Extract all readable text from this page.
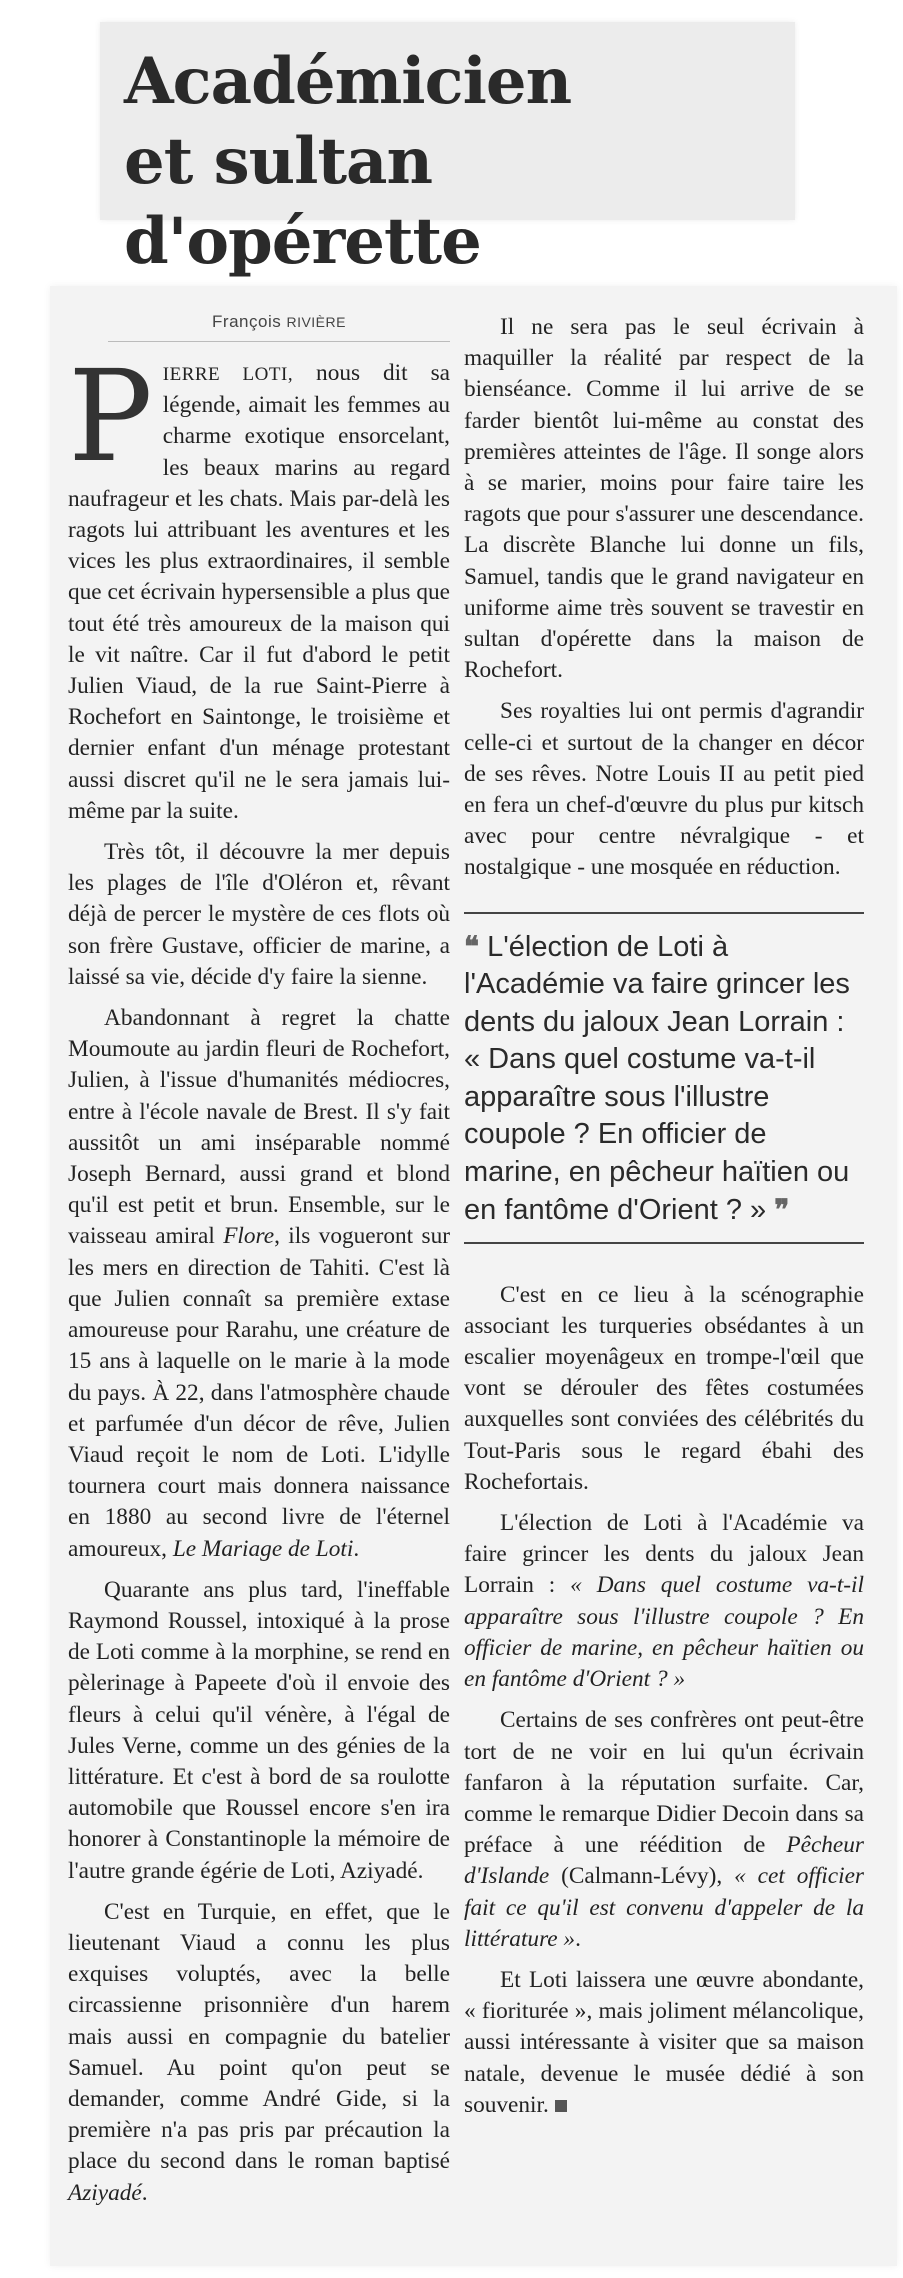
Académicien
et sultan d'opérette
François RIVIÈRE

PIERRE LOTI, nous dit sa légende, aimait les femmes au charme exotique ensorcelant, les beaux marins au regard naufrageur et les chats. Mais par-delà les ragots lui attribuant les aventures et les vices les plus extraordinaires, il semble que cet écrivain hypersensible a plus que tout été très amoureux de la maison qui le vit naître. Car il fut d'abord le petit Julien Viaud, de la rue Saint-Pierre à Rochefort en Saintonge, le troisième et dernier enfant d'un ménage protestant aussi discret qu'il ne le sera jamais lui-même par la suite.

Très tôt, il découvre la mer depuis les plages de l'île d'Oléron et, rêvant déjà de percer le mystère de ces flots où son frère Gustave, officier de marine, a laissé sa vie, décide d'y faire la sienne.

Abandonnant à regret la chatte Moumoute au jardin fleuri de Rochefort, Julien, à l'issue d'humanités médiocres, entre à l'école navale de Brest. Il s'y fait aussitôt un ami inséparable nommé Joseph Bernard, aussi grand et blond qu'il est petit et brun. Ensemble, sur le vaisseau amiral Flore, ils vogueront sur les mers en direction de Tahiti. C'est là que Julien connaît sa première extase amoureuse pour Rarahu, une créature de 15 ans à laquelle on le marie à la mode du pays. À 22, dans l'atmosphère chaude et parfumée d'un décor de rêve, Julien Viaud reçoit le nom de Loti. L'idylle tournera court mais donnera naissance en 1880 au second livre de l'éternel amoureux, Le Mariage de Loti.

Quarante ans plus tard, l'ineffable Raymond Roussel, intoxiqué à la prose de Loti comme à la morphine, se rend en pèlerinage à Papeete d'où il envoie des fleurs à celui qu'il vénère, à l'égal de Jules Verne, comme un des génies de la littérature. Et c'est à bord de sa roulotte automobile que Roussel encore s'en ira honorer à Constantinople la mémoire de l'autre grande égérie de Loti, Aziyadé.

C'est en Turquie, en effet, que le lieutenant Viaud a connu les plus exquises voluptés, avec la belle circassienne prisonnière d'un harem mais aussi en compagnie du batelier Samuel. Au point qu'on peut se demander, comme André Gide, si la première n'a pas pris par précaution la place du second dans le roman baptisé Aziyadé.

Il ne sera pas le seul écrivain à maquiller la réalité par respect de la bienséance. Comme il lui arrive de se farder bientôt lui-même au constat des premières atteintes de l'âge. Il songe alors à se marier, moins pour faire taire les ragots que pour s'assurer une descendance. La discrète Blanche lui donne un fils, Samuel, tandis que le grand navigateur en uniforme aime très souvent se travestir en sultan d'opérette dans la maison de Rochefort.

Ses royalties lui ont permis d'agrandir celle-ci et surtout de la changer en décor de ses rêves. Notre Louis II au petit pied en fera un chef-d'œuvre du plus pur kitsch avec pour centre névralgique - et nostalgique - une mosquée en réduction.

❝ L'élection de Loti à l'Académie va faire grincer les dents du jaloux Jean Lorrain : « Dans quel costume va-t-il apparaître sous l'illustre coupole ? En officier de marine, en pêcheur haïtien ou en fantôme d'Orient ? » ❞

C'est en ce lieu à la scénographie associant les turqueries obsédantes à un escalier moyenâgeux en trompe-l'œil que vont se dérouler des fêtes costumées auxquelles sont conviées des célébrités du Tout-Paris sous le regard ébahi des Rochefortais.

L'élection de Loti à l'Académie va faire grincer les dents du jaloux Jean Lorrain : « Dans quel costume va-t-il apparaître sous l'illustre coupole ? En officier de marine, en pêcheur haïtien ou en fantôme d'Orient ? »

Certains de ses confrères ont peut-être tort de ne voir en lui qu'un écrivain fanfaron à la réputation surfaite. Car, comme le remarque Didier Decoin dans sa préface à une réédition de Pêcheur d'Islande (Calmann-Lévy), « cet officier fait ce qu'il est convenu d'appeler de la littérature ».

Et Loti laissera une œuvre abondante, « fioriturée », mais joliment mélancolique, aussi intéressante à visiter que sa maison natale, devenue le musée dédié à son souvenir.
